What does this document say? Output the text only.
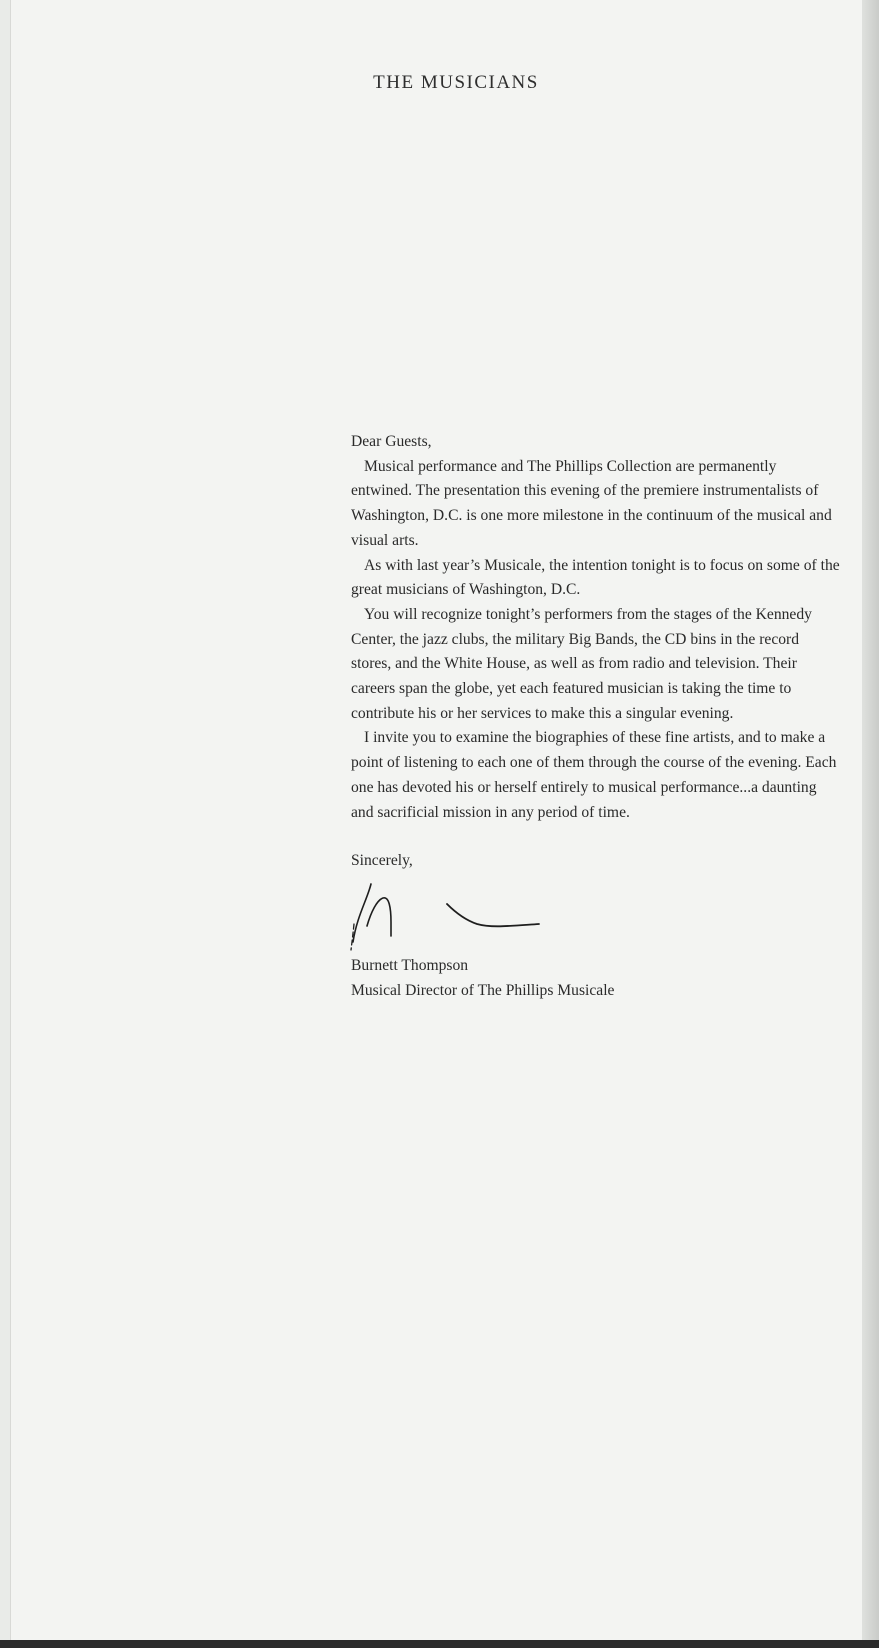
THE MUSICIANS

Dear Guests,

Musical performance and The Phillips Collection are permanently entwined. The presentation this evening of the premiere instrumentalists of Washington, D.C. is one more milestone in the continuum of the musical and visual arts.

As with last year’s Musicale, the intention tonight is to focus on some of the great musicians of Washington, D.C.

You will recognize tonight’s performers from the stages of the Kennedy Center, the jazz clubs, the military Big Bands, the CD bins in the record stores, and the White House, as well as from radio and television. Their careers span the globe, yet each featured musician is taking the time to contribute his or her services to make this a singular evening.

I invite you to examine the biographies of these fine artists, and to make a point of listening to each one of them through the course of the evening. Each one has devoted his or herself entirely to musical performance...a daunting and sacrificial mission in any period of time.

Sincerely,

Burnett Thompson

Musical Director of The Phillips Musicale
